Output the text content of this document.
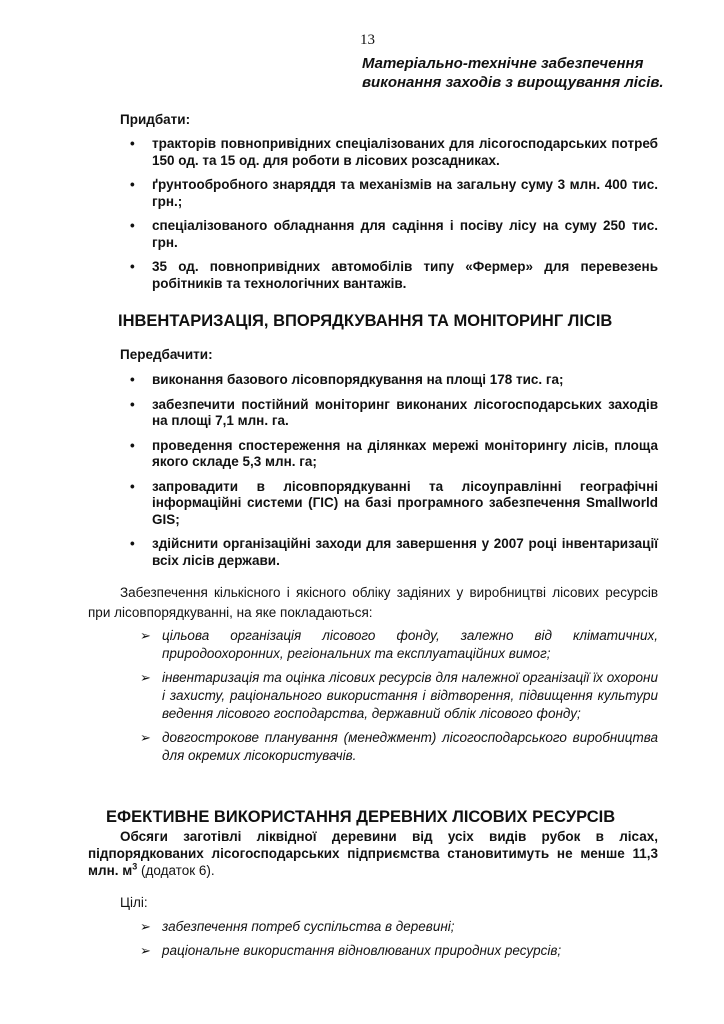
13
Матеріально-технічне забезпечення виконання заходів з вирощування лісів.
Придбати:
• тракторів повнопривідних спеціалізованих для лісогосподарських потреб 150 од. та 15 од. для роботи в лісових розсадниках.
• ґрунтообробного знаряддя та механізмів на загальну суму 3 млн. 400 тис. грн.;
• спеціалізованого обладнання для садіння і посіву лісу на суму 250 тис. грн.
• 35 од. повнопривідних автомобілів типу «Фермер» для перевезень робітників та технологічних вантажів.
ІНВЕНТАРИЗАЦІЯ, ВПОРЯДКУВАННЯ ТА МОНІТОРИНГ ЛІСІВ
Передбачити:
• виконання базового лісовпорядкування на площі 178 тис. га;
• забезпечити постійний моніторинг виконаних лісогосподарських заходів на площі 7,1 млн. га.
• проведення спостереження на ділянках мережі моніторингу лісів, площа якого складе 5,3 млн. га;
• запровадити в лісовпорядкуванні та лісоуправлінні географічні інформаційні системи (ГІС) на базі програмного забезпечення Smallworld GIS;
• здійснити організаційні заходи для завершення у 2007 році інвентаризації всіх лісів держави.
Забезпечення кількісного і якісного обліку задіяних у виробництві лісових ресурсів при лісовпорядкуванні, на яке покладаються:
➢ цільова організація лісового фонду, залежно від кліматичних, природоохоронних, регіональних та експлуатаційних вимог;
➢ інвентаризація та оцінка лісових ресурсів для належної організації їх охорони і захисту, раціонального використання і відтворення, підвищення культури ведення лісового господарства, державний облік лісового фонду;
➢ довгострокове планування (менеджмент) лісогосподарського виробництва для окремих лісокористувачів.
ЕФЕКТИВНЕ ВИКОРИСТАННЯ ДЕРЕВНИХ ЛІСОВИХ РЕСУРСІВ
Обсяги заготівлі ліквідної деревини від усіх видів рубок в лісах, підпорядкованих лісогосподарських підприємства становитимуть не менше 11,3 млн. $м^3$ (додаток 6).
Цілі:
➢ забезпечення потреб суспільства в деревині;
➢ раціональне використання відновлюваних природних ресурсів;
